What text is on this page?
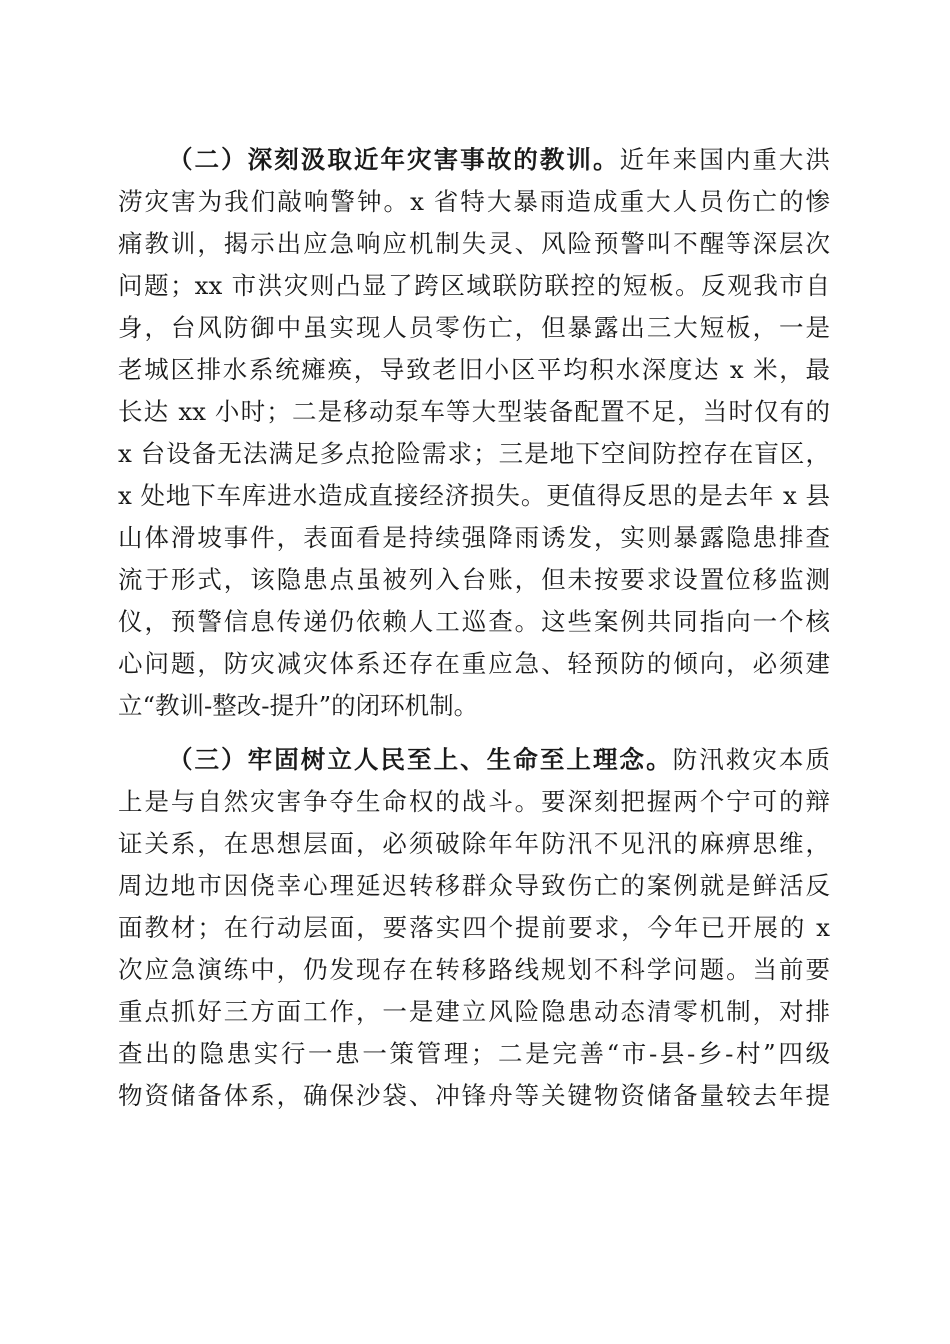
（二）深刻汲取近年灾害事故的教训。近年来国内重大洪
涝灾害为我们敲响警钟。x 省特大暴雨造成重大人员伤亡的惨
痛教训，揭示出应急响应机制失灵、风险预警叫不醒等深层次
问题；xx 市洪灾则凸显了跨区域联防联控的短板。反观我市自
身，台风防御中虽实现人员零伤亡，但暴露出三大短板，一是
老城区排水系统瘫痪，导致老旧小区平均积水深度达 x 米，最
长达 xx 小时；二是移动泵车等大型装备配置不足，当时仅有的
x 台设备无法满足多点抢险需求；三是地下空间防控存在盲区，
x 处地下车库进水造成直接经济损失。更值得反思的是去年 x 县
山体滑坡事件，表面看是持续强降雨诱发，实则暴露隐患排查
流于形式，该隐患点虽被列入台账，但未按要求设置位移监测
仪，预警信息传递仍依赖人工巡查。这些案例共同指向一个核
心问题，防灾减灾体系还存在重应急、轻预防的倾向，必须建
立“教训-整改-提升”的闭环机制。
（三）牢固树立人民至上、生命至上理念。防汛救灾本质
上是与自然灾害争夺生命权的战斗。要深刻把握两个宁可的辩
证关系，在思想层面，必须破除年年防汛不见汛的麻痹思维，
周边地市因侥幸心理延迟转移群众导致伤亡的案例就是鲜活反
面教材；在行动层面，要落实四个提前要求，今年已开展的 x
次应急演练中，仍发现存在转移路线规划不科学问题。当前要
重点抓好三方面工作，一是建立风险隐患动态清零机制，对排
查出的隐患实行一患一策管理；二是完善“市-县-乡-村”四级
物资储备体系，确保沙袋、冲锋舟等关键物资储备量较去年提
